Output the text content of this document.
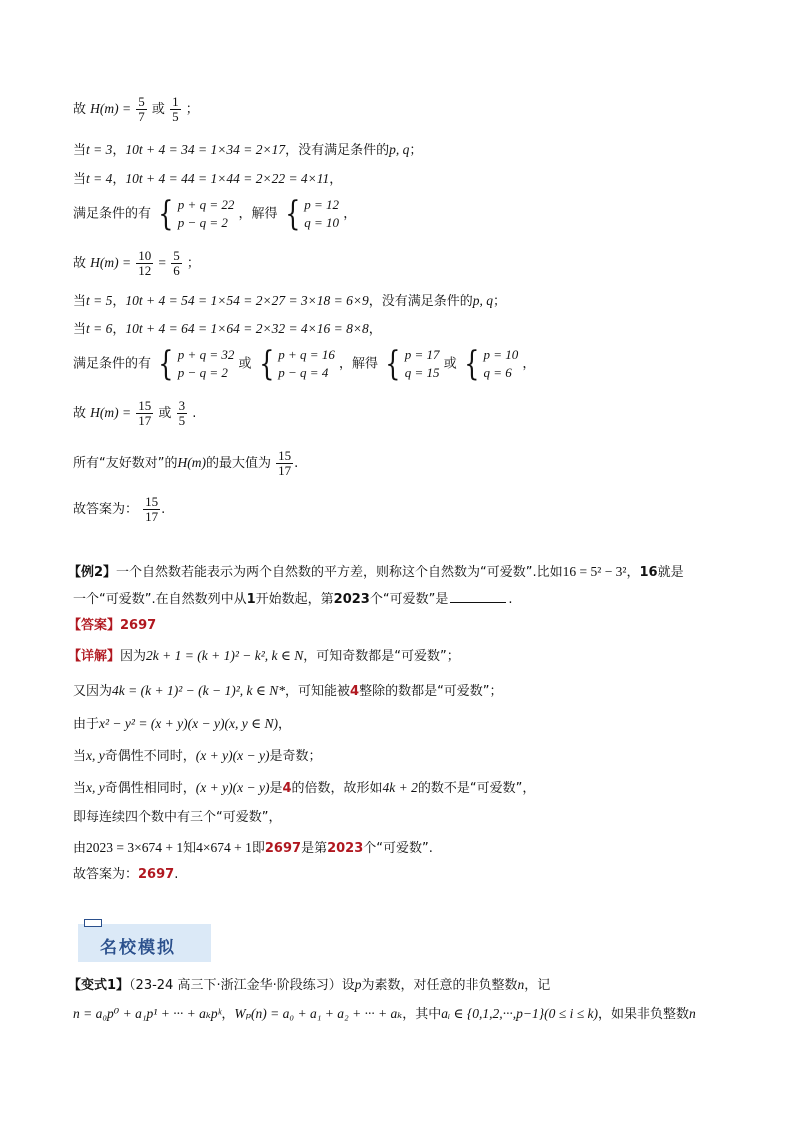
故 $H(m) = \frac{5}{7}$ 或 $\frac{1}{5}$ ；
当t = 3，10t + 4 = 34 = 1×34 = 2×17，没有满足条件的p, q；
当t = 4，10t + 4 = 44 = 1×44 = 2×22 = 4×11，
满足条件的有 { p + q = 22
p − q = 2
，解得 { p = 12
q = 10
，
故 $H(m) = \frac{10}{12} = \frac{5}{6}$ ；
当t = 5，10t + 4 = 54 = 1×54 = 2×27 = 3×18 = 6×9，没有满足条件的p, q；
当t = 6，10t + 4 = 64 = 1×64 = 2×32 = 4×16 = 8×8，
满足条件的有 { p + q = 32
p − q = 2
或 { p + q = 16
p − q = 4
，解得 { p = 17
q = 15
或 { p = 10
q = 6
，
故 $H(m) = \frac{15}{17}$ 或 $\frac{3}{5}$ .
所有“友好数对”的H(m)的最大值为 $\frac{15}{17}$ .
故答案为： $\frac{15}{17}$ .
【例2】一个自然数若能表示为两个自然数的平方差，则称这个自然数为“可爱数”.比如16 = 5² − 3²，16就是
一个“可爱数”.在自然数列中从1开始数起，第2023个“可爱数”是	.
【答案】2697
【详解】因为2k + 1 = (k + 1)² − k², k ∈ N，可知奇数都是“可爱数”；
又因为4k = (k + 1)² − (k − 1)², k ∈ N*，可知能被4整除的数都是“可爱数”；
由于x² − y² = (x + y)(x − y)(x, y ∈ N)，
当x, y奇偶性不同时，(x + y)(x − y)是奇数；
当x, y奇偶性相同时，(x + y)(x − y)是4的倍数，故形如4k + 2的数不是“可爱数”，
即每连续四个数中有三个“可爱数”，
由2023 = 3×674 + 1知4×674 + 1即2697是第2023个“可爱数”.
故答案为：2697.
名校模拟
【变式1】（23-24 高三下·浙江金华·阶段练习）设p为素数，对任意的非负整数n，记
n = a₀p⁰ + a₁p¹ + ··· + aₖpᵏ，Wₚ(n) = a₀ + a₁ + a₂ + ··· + aₖ，其中aᵢ ∈ {0,1,2,···,p−1}(0 ≤ i ≤ k)，如果非负整数n
